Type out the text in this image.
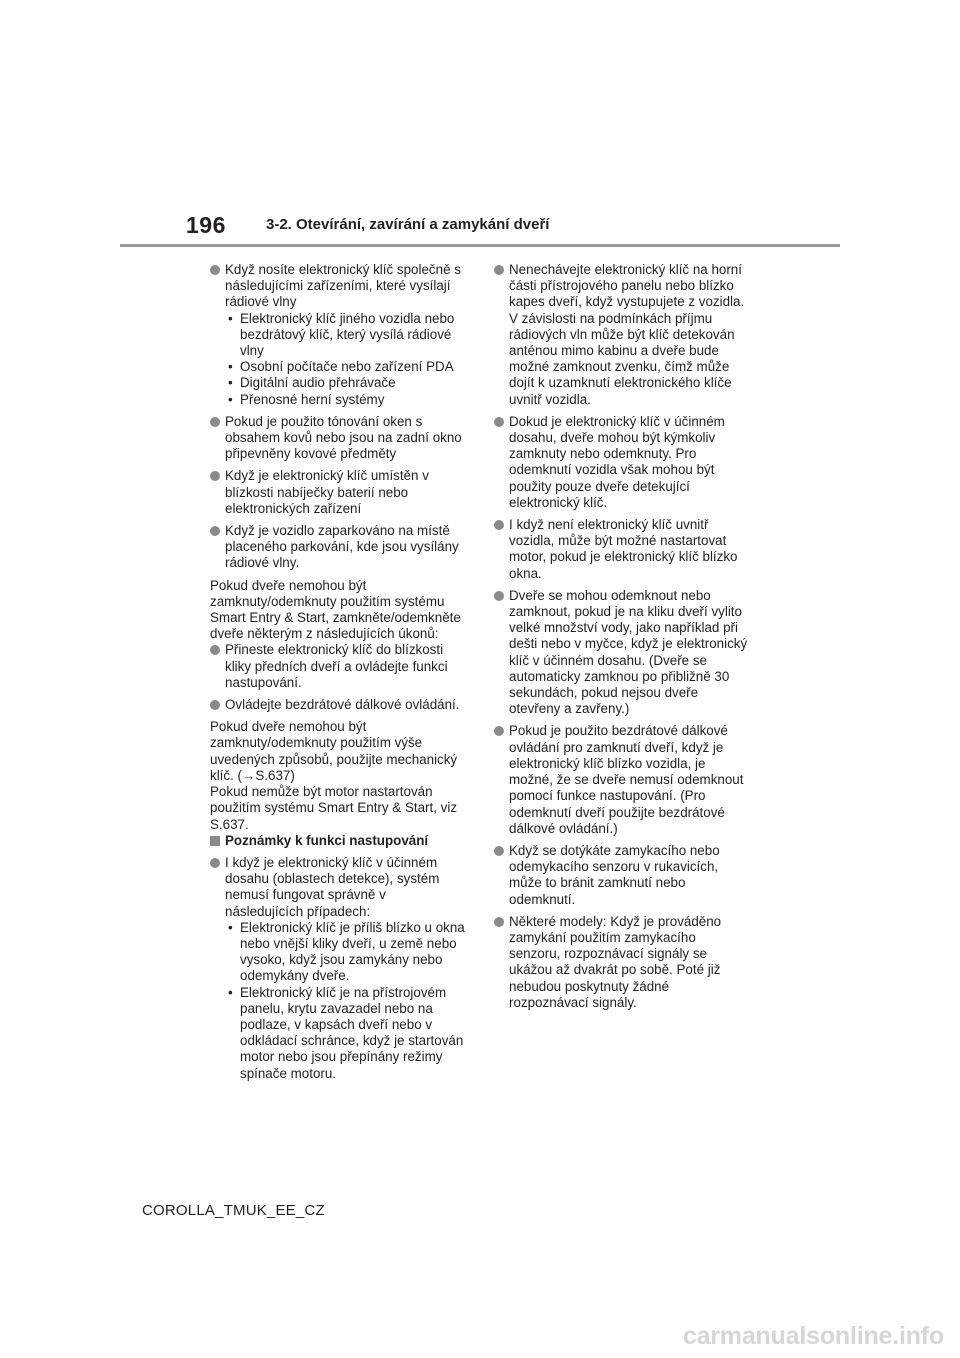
196	3-2. Otevírání, zavírání a zamykání dveří

Když nosíte elektronický klíč společně s následujícími zařízeními, které vysílají rádiové vlny

• Elektronický klíč jiného vozidla nebo bezdrátový klíč, který vysílá rádiové vlny
• Osobní počítače nebo zařízení PDA
• Digitální audio přehrávače
• Přenosné herní systémy

Pokud je použito tónování oken s obsahem kovů nebo jsou na zadní okno připevněny kovové předměty

Když je elektronický klíč umístěn v blízkosti nabíječky baterií nebo elektronických zařízení

Když je vozidlo zaparkováno na místě placeného parkování, kde jsou vysílány rádiové vlny.

Pokud dveře nemohou být zamknuty/odemknuty použitím systému Smart Entry & Start, zamkněte/odemkněte dveře některým z následujících úkonů:

Přineste elektronický klíč do blízkosti kliky předních dveří a ovládejte funkci nastupování.

Ovládejte bezdrátové dálkové ovládání.

Pokud dveře nemohou být zamknuty/odemknuty použitím výše uvedených způsobů, použijte mechanický klíč. (→S.637)

Pokud nemůže být motor nastartován použitím systému Smart Entry & Start, viz S.637.

Poznámky k funkci nastupování

I když je elektronický klíč v účinném dosahu (oblastech detekce), systém nemusí fungovat správně v následujících případech:

• Elektronický klíč je příliš blízko u okna nebo vnější kliky dveří, u země nebo vysoko, když jsou zamykány nebo odemykány dveře.
• Elektronický klíč je na přístrojovém panelu, krytu zavazadel nebo na podlaze, v kapsách dveří nebo v odkládací schránce, když je startován motor nebo jsou přepínány režimy spínače motoru.

Nenechávejte elektronický klíč na horní části přístrojového panelu nebo blízko kapes dveří, když vystupujete z vozidla. V závislosti na podmínkách příjmu rádiových vln může být klíč detekován anténou mimo kabinu a dveře bude možné zamknout zvenku, čímž může dojít k uzamknutí elektronického klíče uvnitř vozidla.

Dokud je elektronický klíč v účinném dosahu, dveře mohou být kýmkoliv zamknuty nebo odemknuty. Pro odemknutí vozidla však mohou být použity pouze dveře detekující elektronický klíč.

I když není elektronický klíč uvnitř vozidla, může být možné nastartovat motor, pokud je elektronický klíč blízko okna.

Dveře se mohou odemknout nebo zamknout, pokud je na kliku dveří vylito velké množství vody, jako například při dešti nebo v myčce, když je elektronický klíč v účinném dosahu. (Dveře se automaticky zamknou po přibližně 30 sekundách, pokud nejsou dveře otevřeny a zavřeny.)

Pokud je použito bezdrátové dálkové ovládání pro zamknutí dveří, když je elektronický klíč blízko vozidla, je možné, že se dveře nemusí odemknout pomocí funkce nastupování. (Pro odemknutí dveří použijte bezdrátové dálkové ovládání.)

Když se dotýkáte zamykacího nebo odemykacího senzoru v rukavicích, může to bránit zamknutí nebo odemknutí.

Některé modely: Když je prováděno zamykání použitím zamykacího senzoru, rozpoznávací signály se ukážou až dvakrát po sobě. Poté již nebudou poskytnuty žádné rozpoznávací signály.

COROLLA_TMUK_EE_CZ
carmanualsonline.info
